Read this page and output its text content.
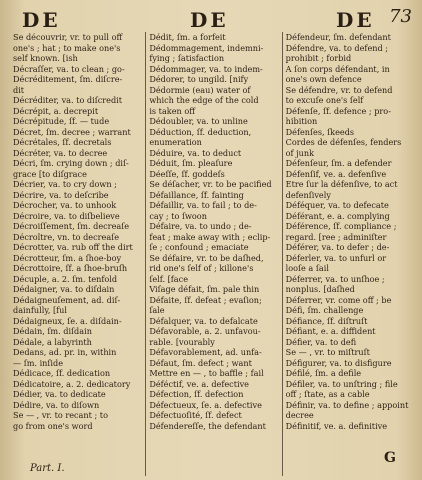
DE	DE	DE 73
Se découvrir, vr. to pull off
one's ; hat ; to make one's
self known. [ish
Décraſſer, va. to clean ; go-
Décréditement, ſm. diſcre-
dit
Décréditer, va. to diſcredit
Décrépit, a. decrepit
Décrépitude, ſf. — tude
Décret, ſm. decree ; warrant
Décrétales, ſf. decretals
Décréter, va. to decree
Décri, ſm. crying down ; diſ-
grace [to diſgrace
Décrier, va. to cry down ;
Décrire, va. to deſcribe
Décrocher, va. to unhook
Décroire, va. to diſbelieve
Décroiſſement, ſm. decreaſe
Décroître, vn. to decreaſe
Décrotter, va. rub off the dirt
Décrotteur, ſm. a ſhoe-boy
Décrottoire, ſf. a ſhoe-bruſh
Décuple, a. 2. ſm. tenfold
Dédaigner, va. to diſdain
Dédaigneuſement, ad. diſ-
dainfully, [ful
Dédaigneux, ſe. a. diſdain-
Dédain, ſm. diſdain
Dédale, a labyrinth
Dedans, ad. pr. in, within
— ſm. inſide
Dédicace, ſf. dedication
Dédicatoire, a. 2. dedicatory
Dédier, va. to dedicate
Dédire, va. to diſown
Se — , vr. to recant ; to
go from one's word
Dédit, ſm. a forfeit
Dédommagement, indemni-
fying ; ſatisfaction
Dédommager, va. to indem-
Dédorer, to ungild. [nify
Dédormie (eau) water of
which the edge of the cold
is taken off
Dédoubler, va. to unline
Déduction, ſf. deduction,
enumeration
Déduire, va. to deduct
Déduit, ſm. pleaſure
Déeſſe, ſf. goddeſs
Se déſacher, vr. to be pacified
Défaillance, ſf. fainting
Défaillir, va. to fail ; to de-
cay ; to ſwoon
Défaire, va. to undo ; de-
feat ; make away with ; eclip-
ſe ; confound ; emaciate
Se défaire, vr. to be daſhed,
rid one's ſelf of ; killone's
ſelf. [face
Viſage défait, ſm. pale thin
Défaite, ſf. defeat ; evaſion;
ſale
Défalquer, va. to defalcate
Défavorable, a. 2. unfavou-
rable. [vourably
Défavorablement, ad. unfa-
Défaut, ſm. defect ; want
Mettre en — , to baffle ; fail
Déféctif, ve. a. defective
Défection, ſf. defection
Défectueux, ſe. a. defective
Défectuoſité, ſf. defect
Défendereſſe, the defendant
Défendeur, ſm. defendant
Défendre, va. to defend ;
prohibit ; forbid
A ſon corps défendant, in
one's own defence
Se défendre, vr. to defend
to excuſe one's ſelf
Défenſe, ſf. defence ; pro-
hibition
Défenſes, ſkeeds
Cordes de défenſes, fenders
of junk
Défenſeur, ſm. a defender
Défenſif, ve. a. defenſive
Etre ſur la défenſive, to act
defenſively
Déféquer, va. to defecate
Déférant, e. a. complying
Déférence, ſf. compliance ;
regard. [ree ; adminiſter
Déférer, va. to defer ; de-
Déferler, va. to unfurl or
looſe a ſail
Déferrer, va. to unſhoe ;
nonplus. [daſhed
Déferrer, vr. come off ; be
Défi, ſm. challenge
Défiance, ſf. diſtruſt
Défiant, e. a. diffident
Défier, va. to defi
Se — , vr. to miſtruſt
Défigurer, va. to disfigure
Défilé, ſm. a defile
Défiler, va. to unſtring ; file
off ; ſtate, as a cable
Définir, va. to define ; appoint
decree
Définitif, ve. a. definitive
Part. I.
G
